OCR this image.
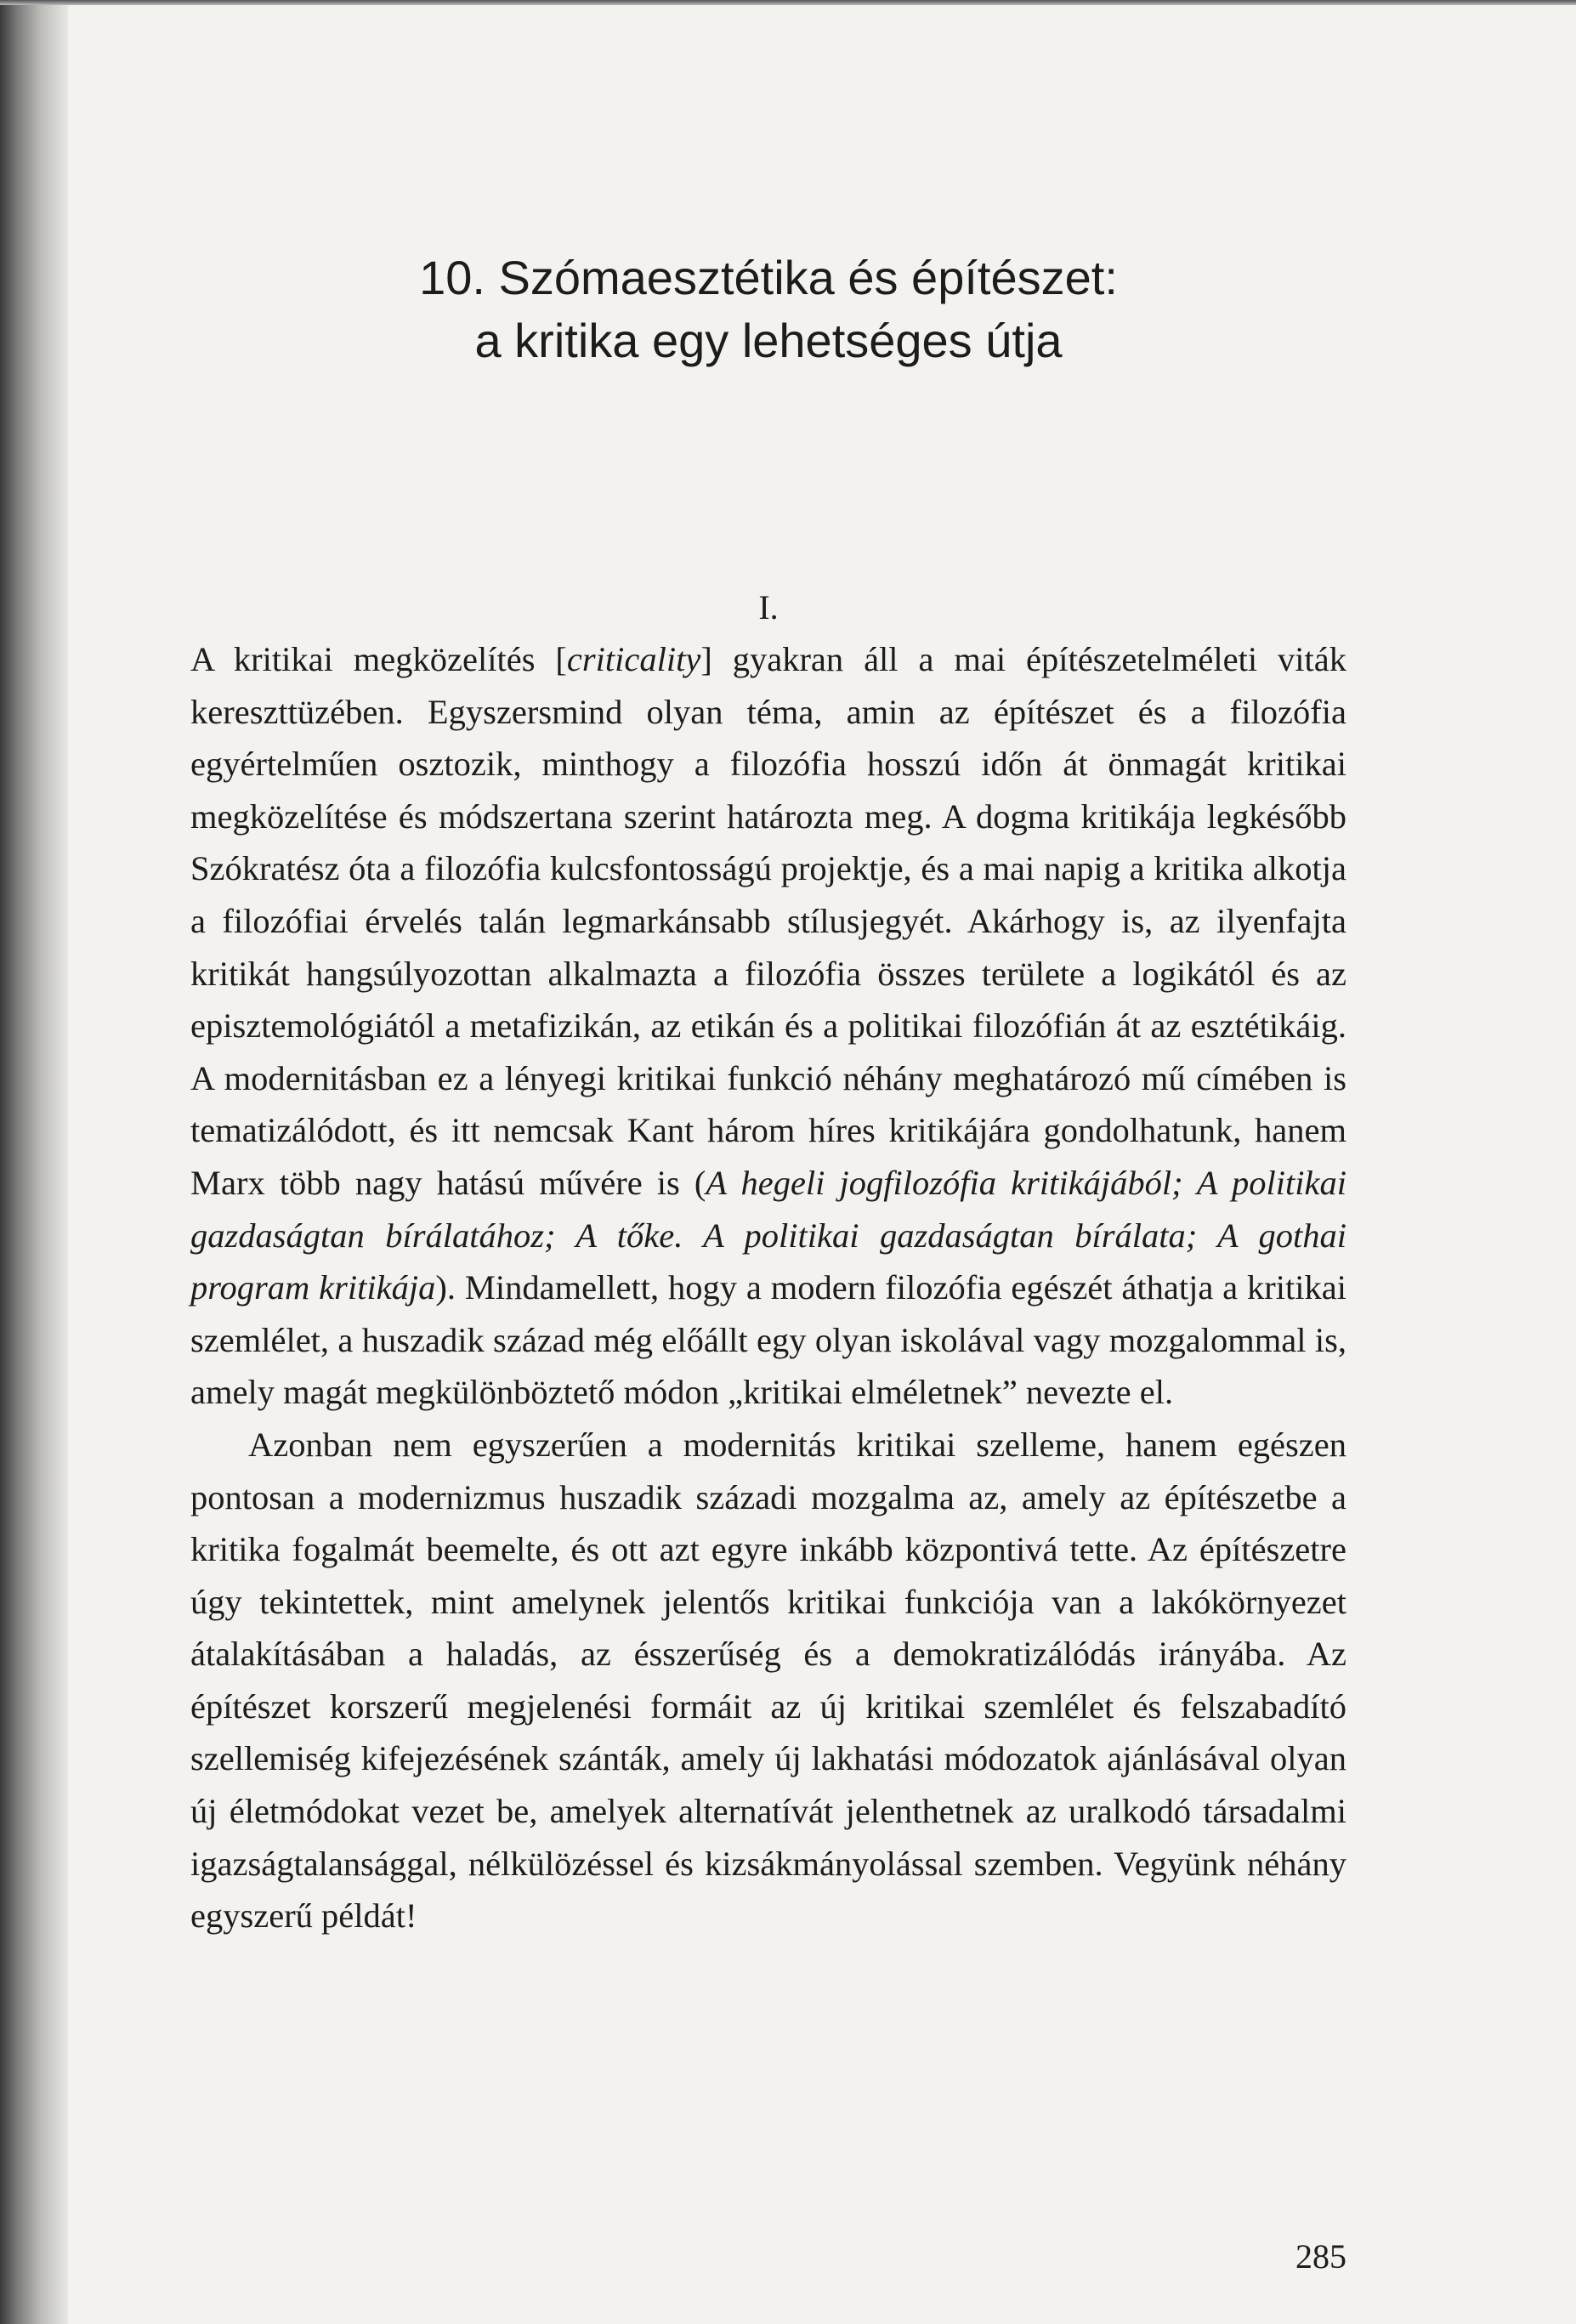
10. Szómaesztétika és építészet:
a kritika egy lehetséges útja
I.

A kritikai megközelítés [criticality] gyakran áll a mai építészetelméleti viták kereszttüzében. Egyszersmind olyan téma, amin az építészet és a filozófia egyértelműen osztozik, minthogy a filozófia hosszú időn át önmagát kritikai megközelítése és módszertana szerint határozta meg. A dogma kritikája legkésőbb Szókratész óta a filozófia kulcsfontosságú projektje, és a mai napig a kritika alkotja a filozófiai érvelés talán legmarkánsabb stílusjegyét. Akárhogy is, az ilyenfajta kritikát hangsúlyozottan alkalmazta a filozófia összes területe a logikától és az episztemológiától a metafizikán, az etikán és a politikai filozófián át az esztétikáig. A modernitásban ez a lényegi kritikai funkció néhány meghatározó mű címében is tematizálódott, és itt nemcsak Kant három híres kritikájára gondolhatunk, hanem Marx több nagy hatású művére is (A hegeli jogfilozófia kritikájából; A politikai gazdaságtan bírálatához; A tőke. A politikai gazdaságtan bírálata; A gothai program kritikája). Mindamellett, hogy a modern filozófia egészét áthatja a kritikai szemlélet, a huszadik század még előállt egy olyan iskolával vagy mozgalommal is, amely magát megkülönböztető módon „kritikai elméletnek” nevezte el.

Azonban nem egyszerűen a modernitás kritikai szelleme, hanem egészen pontosan a modernizmus huszadik századi mozgalma az, amely az építészetbe a kritika fogalmát beemelte, és ott azt egyre inkább központivá tette. Az építészetre úgy tekintettek, mint amelynek jelentős kritikai funkciója van a lakókörnyezet átalakításában a haladás, az ésszerűség és a demokratizálódás irányába. Az építészet korszerű megjelenési formáit az új kritikai szemlélet és felszabadító szellemiség kifejezésének szánták, amely új lakhatási módozatok ajánlásával olyan új életmódokat vezet be, amelyek alternatívát jelenthetnek az uralkodó társadalmi igazságtalansággal, nélkülözéssel és kizsákmányolással szemben. Vegyünk néhány egyszerű példát!

285
